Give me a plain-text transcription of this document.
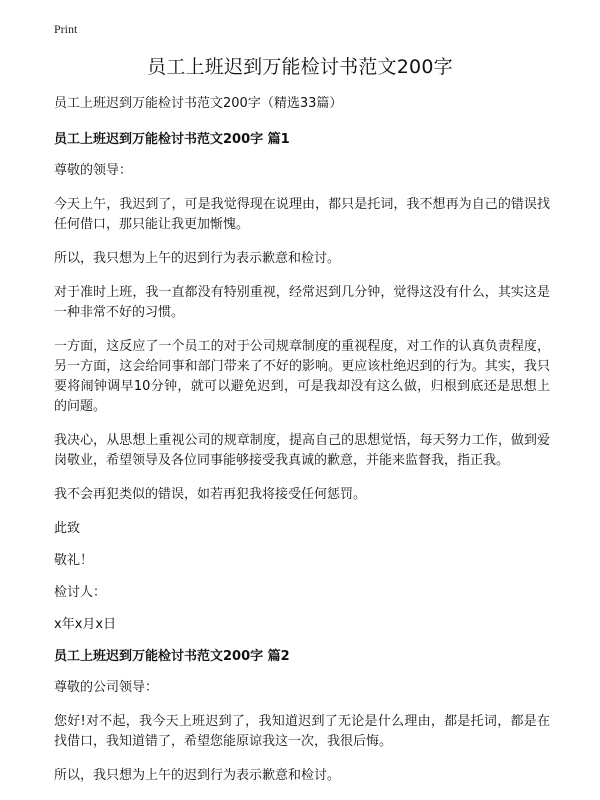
Print
员工上班迟到万能检讨书范文200字

员工上班迟到万能检讨书范文200字（精选33篇）

员工上班迟到万能检讨书范文200字 篇1

尊敬的领导：

今天上午，我迟到了，可是我觉得现在说理由，都只是托词，我不想再为自己的错误找任何借口，那只能让我更加惭愧。

所以，我只想为上午的迟到行为表示歉意和检讨。

对于准时上班，我一直都没有特别重视，经常迟到几分钟，觉得这没有什么，其实这是一种非常不好的习惯。

一方面，这反应了一个员工的对于公司规章制度的重视程度，对工作的认真负责程度，另一方面，这会给同事和部门带来了不好的影响。更应该杜绝迟到的行为。其实，我只要将闹钟调早10分钟，就可以避免迟到，可是我却没有这么做，归根到底还是思想上的问题。

我决心，从思想上重视公司的规章制度，提高自己的思想觉悟，每天努力工作，做到爱岗敬业，希望领导及各位同事能够接受我真诚的歉意，并能来监督我，指正我。

我不会再犯类似的错误，如若再犯我将接受任何惩罚。

此致

敬礼！

检讨人：

x年x月x日

员工上班迟到万能检讨书范文200字 篇2

尊敬的公司领导：

您好!对不起，我今天上班迟到了，我知道迟到了无论是什么理由，都是托词，都是在找借口，我知道错了，希望您能原谅我这一次，我很后悔。

所以，我只想为上午的迟到行为表示歉意和检讨。
